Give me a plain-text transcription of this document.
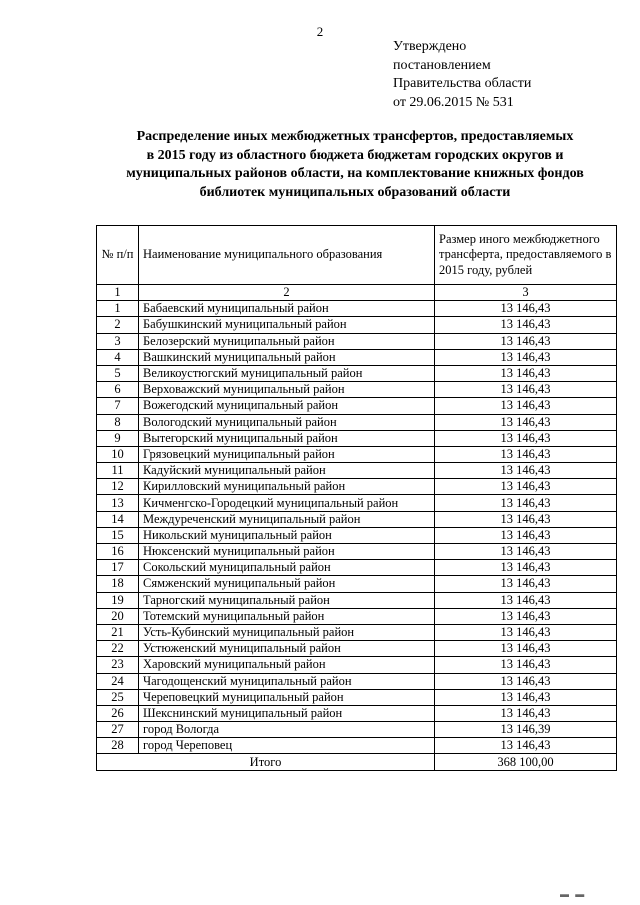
2
Утверждено
постановлением
Правительства области
от 29.06.2015 № 531
Распределение иных межбюджетных трансфертов, предоставляемых
в 2015 году из областного бюджета бюджетам городских округов и
муниципальных районов области, на комплектование книжных фондов
библиотек муниципальных образований области
№ п/п	Наименование муниципального образования	Размер иного межбюджетного трансферта, предоставляемого в 2015 году, рублей
1	2	3
1	Бабаевский муниципальный район	13 146,43
2	Бабушкинский муниципальный район	13 146,43
3	Белозерский муниципальный район	13 146,43
4	Вашкинский муниципальный район	13 146,43
5	Великоустюгский муниципальный район	13 146,43
6	Верховажский муниципальный район	13 146,43
7	Вожегодский муниципальный район	13 146,43
8	Вологодский муниципальный район	13 146,43
9	Вытегорский муниципальный район	13 146,43
10	Грязовецкий муниципальный район	13 146,43
11	Кадуйский муниципальный район	13 146,43
12	Кирилловский муниципальный район	13 146,43
13	Кичменгско-Городецкий муниципальный район	13 146,43
14	Междуреченский муниципальный район	13 146,43
15	Никольский муниципальный район	13 146,43
16	Нюксенский муниципальный район	13 146,43
17	Сокольский муниципальный район	13 146,43
18	Сямженский муниципальный район	13 146,43
19	Тарногский муниципальный район	13 146,43
20	Тотемский муниципальный район	13 146,43
21	Усть-Кубинский муниципальный район	13 146,43
22	Устюженский муниципальный район	13 146,43
23	Харовский муниципальный район	13 146,43
24	Чагодощенский муниципальный район	13 146,43
25	Череповецкий муниципальный район	13 146,43
26	Шекснинский муниципальный район	13 146,43
27	город Вологда	13 146,39
28	город Череповец	13 146,43
Итого		368 100,00
▬ ▬
